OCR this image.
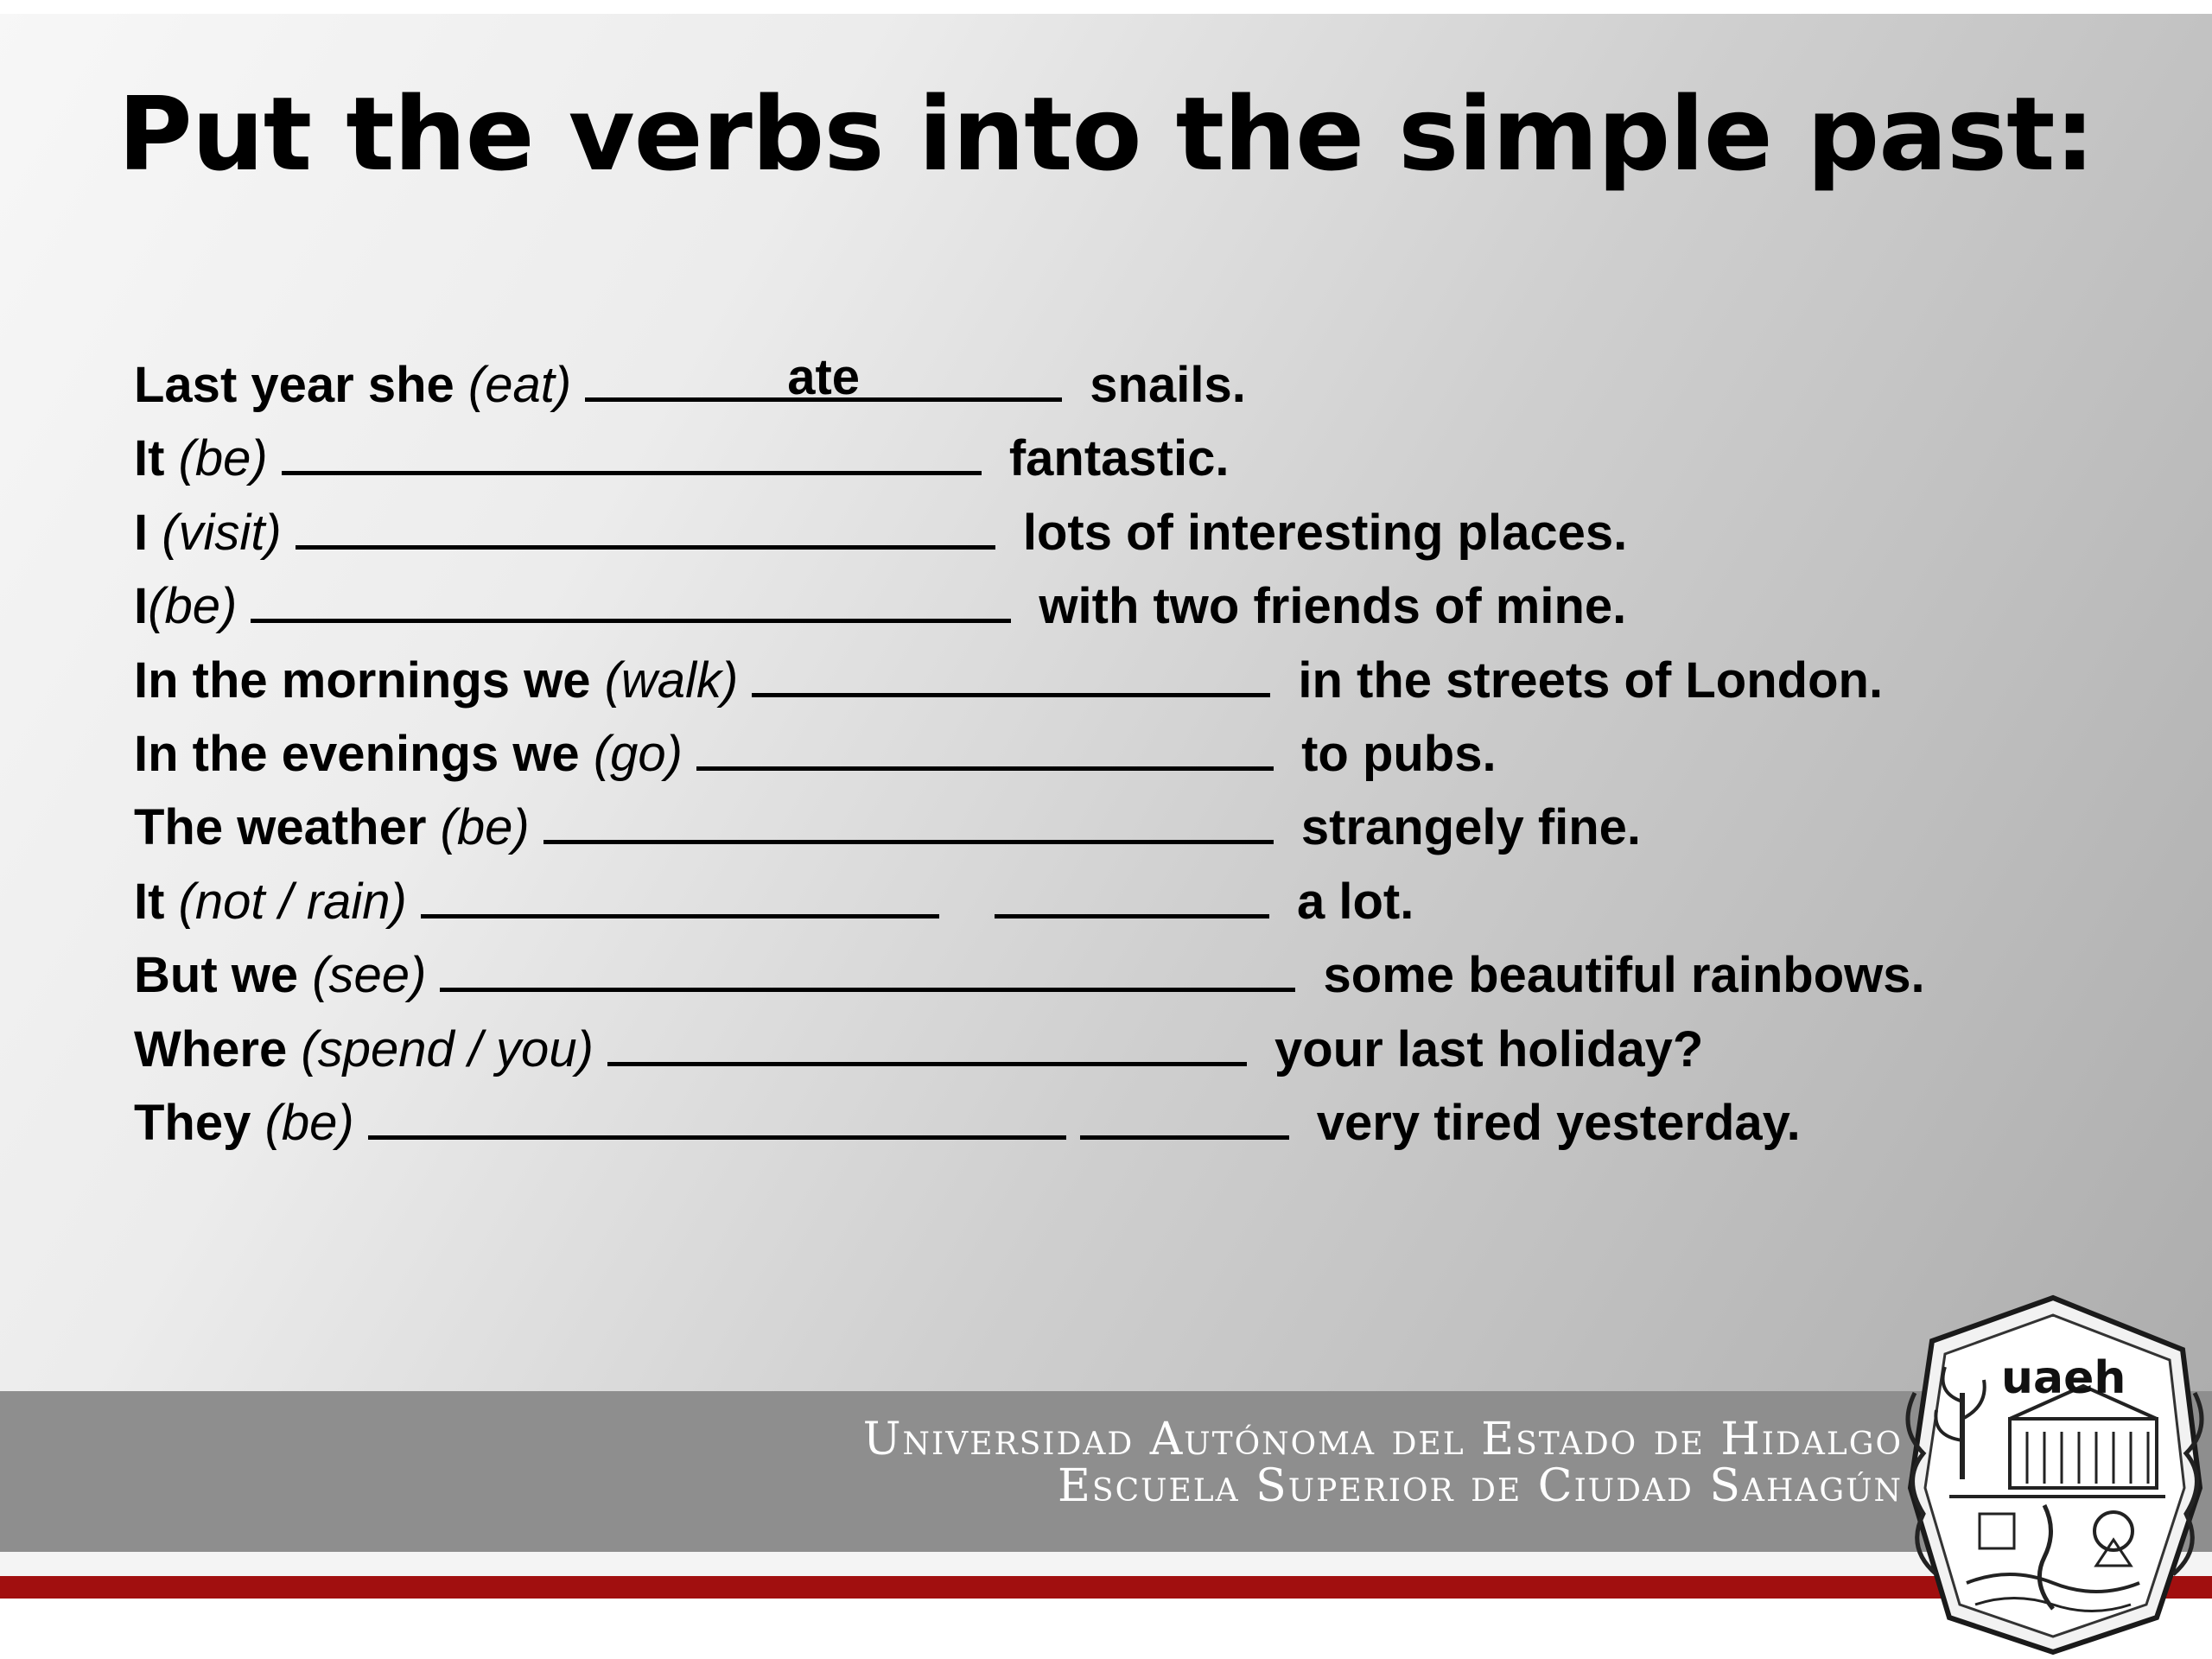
Put the verbs into the simple past:
Last year she (eat)	ate	snails.
It (be)	fantastic.
I (visit)	lots of interesting places.
I(be)	with two friends of mine.
In the mornings we (walk)	in the streets of London.
In the evenings we (go)	to pubs.
The weather (be)	strangely fine.
It (not / rain)	a lot.
But we (see)	some beautiful rainbows.
Where (spend / you)	your last holiday?
They (be)	very tired yesterday.
Universidad Autónoma del Estado de Hidalgo
Escuela Superior de Ciudad Sahagún
uaeh
